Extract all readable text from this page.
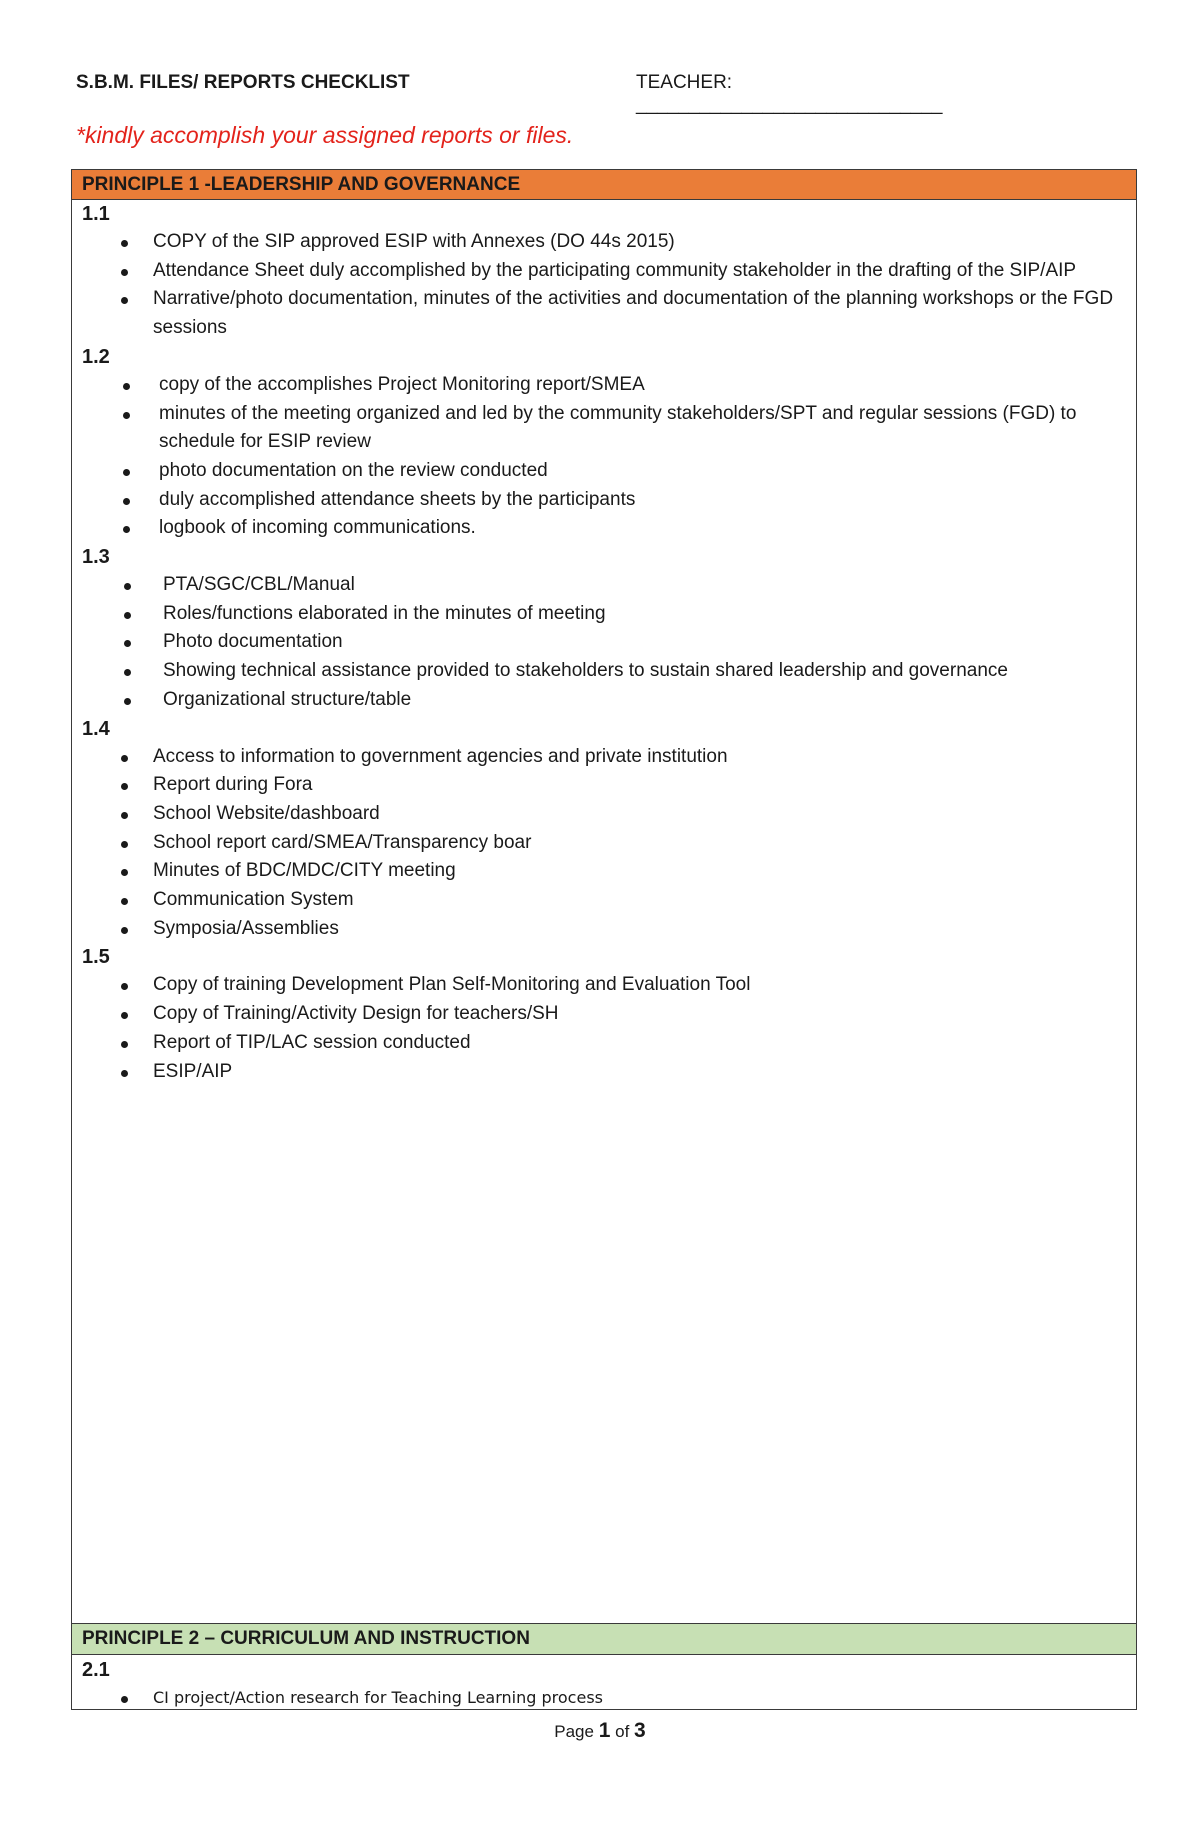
S.B.M. FILES/ REPORTS CHECKLIST	TEACHER: _____________________________
*kindly accomplish your assigned reports or files.
PRINCIPLE 1 -LEADERSHIP AND GOVERNANCE
1.1
COPY of the SIP approved ESIP with Annexes (DO 44s 2015)
Attendance Sheet duly accomplished by the participating community stakeholder in the drafting of the SIP/AIP
Narrative/photo documentation, minutes of the activities and documentation of the planning workshops or the FGD sessions
1.2
copy of the accomplishes Project Monitoring report/SMEA
minutes of the meeting organized and led by the community stakeholders/SPT and regular sessions (FGD) to schedule for ESIP review
photo documentation on the review conducted
duly accomplished attendance sheets by the participants
logbook of incoming communications.
1.3
PTA/SGC/CBL/Manual
Roles/functions elaborated in the minutes of meeting
Photo documentation
Showing technical assistance provided to stakeholders to sustain shared leadership and governance
Organizational structure/table
1.4
Access to information to government agencies and private institution
Report during Fora
School Website/dashboard
School report card/SMEA/Transparency boar
Minutes of BDC/MDC/CITY meeting
Communication System
Symposia/Assemblies
1.5
Copy of training Development Plan Self-Monitoring and Evaluation Tool
Copy of Training/Activity Design for teachers/SH
Report of TIP/LAC session conducted
ESIP/AIP
PRINCIPLE 2 – CURRICULUM AND INSTRUCTION
2.1
CI project/Action research for Teaching Learning process
Page 1 of 3
